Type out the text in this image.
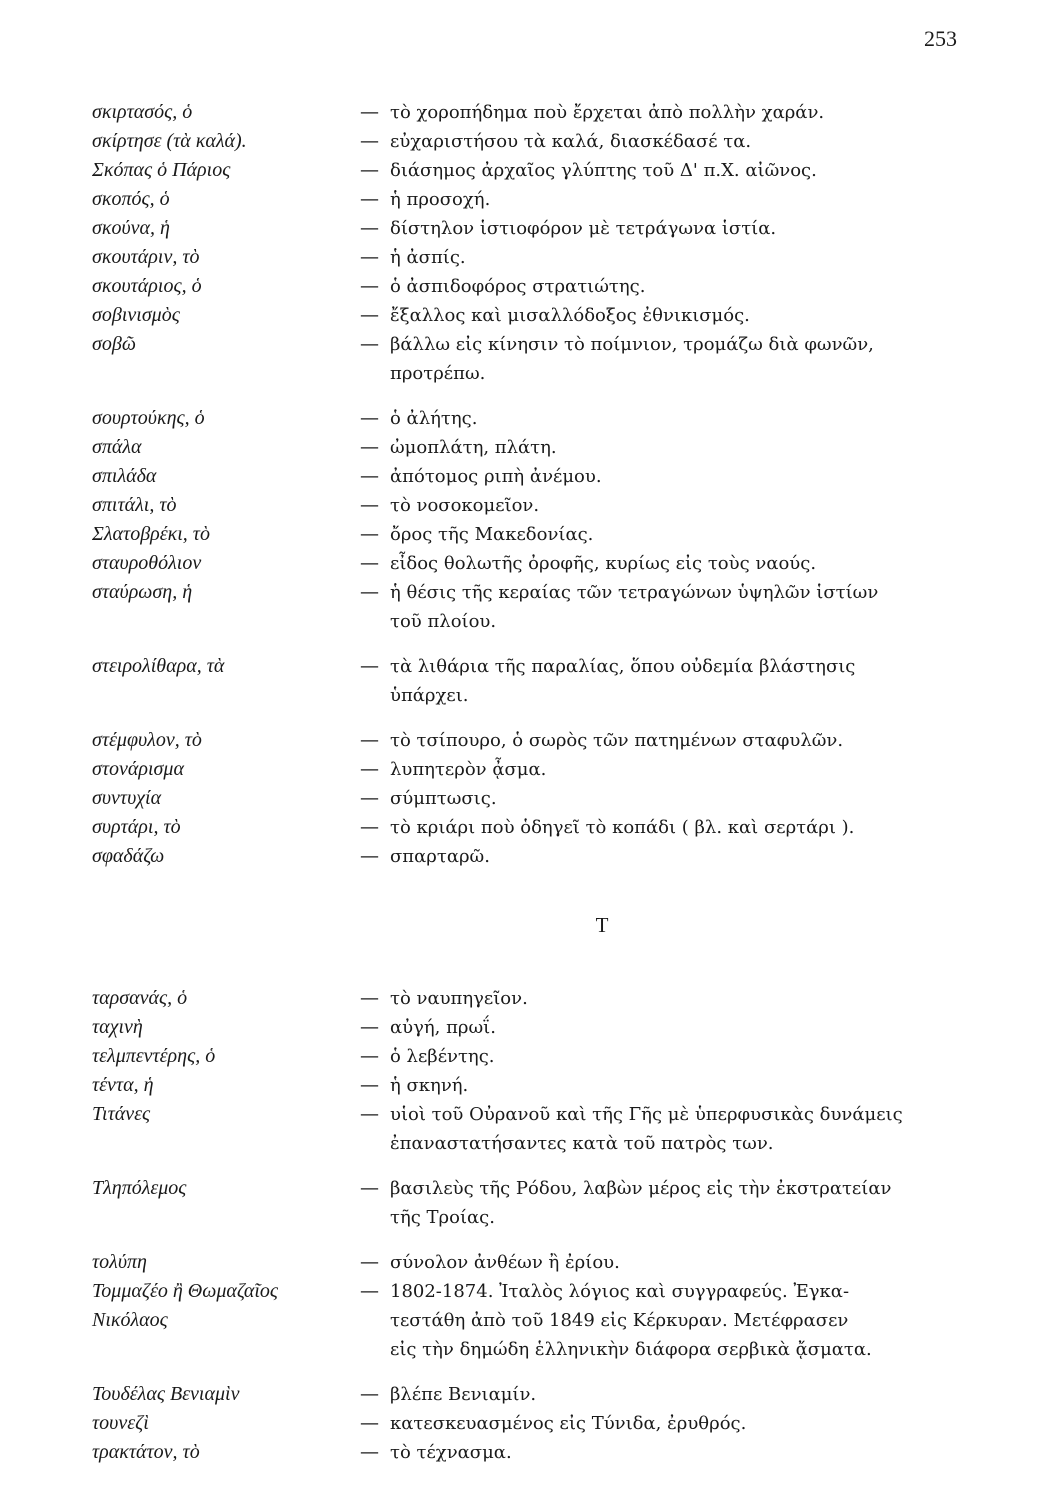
253
σκιρτασός, ὁ	— τὸ χοροπήδημα ποὺ ἔρχεται ἀπὸ πολλὴν χαράν.
σκίρτησε (τὰ καλά).	— εὐχαριστήσου τὰ καλά, διασκέδασέ τα.
Σκόπας ὁ Πάριος	— διάσημος ἀρχαῖος γλύπτης τοῦ Δ' π.Χ. αἰῶνος.
σκοπός, ὁ	— ἡ προσοχή.
σκούνα, ἡ	— δίστηλον ἱστιοφόρον μὲ τετράγωνα ἱστία.
σκουτάριν, τὸ	— ἡ ἀσπίς.
σκουτάριος, ὁ	— ὁ ἀσπιδοφόρος στρατιώτης.
σοβινισμὸς	— ἔξαλλος καὶ μισαλλόδοξος ἐθνικισμός.
σοβῶ	— βάλλω εἰς κίνησιν τὸ ποίμνιον, τρομάζω διὰ φωνῶν,
προτρέπω.
σουρτούκης, ὁ	— ὁ ἀλήτης.
σπάλα	— ὠμοπλάτη, πλάτη.
σπιλάδα	— ἀπότομος ριπὴ ἀνέμου.
σπιτάλι, τὸ	— τὸ νοσοκομεῖον.
Σλατοβρέκι, τὸ	— ὄρος τῆς Μακεδονίας.
σταυροθόλιον	— εἶδος θολωτῆς ὀροφῆς, κυρίως εἰς τοὺς ναούς.
σταύρωση, ἡ	— ἡ θέσις τῆς κεραίας τῶν τετραγώνων ὑψηλῶν ἱστίων
τοῦ πλοίου.
στειρολίθαρα, τὰ	— τὰ λιθάρια τῆς παραλίας, ὅπου οὐδεμία βλάστησις
ὑπάρχει.
στέμφυλον, τὸ	— τὸ τσίπουρο, ὁ σωρὸς τῶν πατημένων σταφυλῶν.
στονάρισμα	— λυπητερὸν ᾆσμα.
συντυχία	— σύμπτωσις.
συρτάρι, τὸ	— τὸ κριάρι ποὺ ὁδηγεῖ τὸ κοπάδι ( βλ. καὶ σερτάρι ).
σφαδάζω	— σπαρταρῶ.
Τ
ταρσανάς, ὁ	— τὸ ναυπηγεῖον.
ταχινὴ	— αὐγή, πρωΐ.
τελμπεντέρης, ὁ	— ὁ λεβέντης.
τέντα, ἡ	— ἡ σκηνή.
Τιτάνες	— υἱοὶ τοῦ Οὐρανοῦ καὶ τῆς Γῆς μὲ ὑπερφυσικὰς δυνάμεις
ἐπαναστατήσαντες κατὰ τοῦ πατρὸς των.
Τληπόλεμος	— βασιλεὺς τῆς Ρόδου, λαβὼν μέρος εἰς τὴν ἐκστρατείαν
τῆς Τροίας.
τολύπη	— σύνολον ἀνθέων ἢ ἐρίου.
Τομμαζέο ἢ Θωμαζαῖος
Νικόλαος
— 1802-1874. Ἰταλὸς λόγιος καὶ συγγραφεύς. Ἐγκα-
τεστάθη ἀπὸ τοῦ 1849 εἰς Κέρκυραν. Μετέφρασεν
εἰς τὴν δημώδη ἑλληνικὴν διάφορα σερβικὰ ᾄσματα.
Τουδέλας Βενιαμὶν	— βλέπε Βενιαμίν.
τουνεζὶ	— κατεσκευασμένος εἰς Τύνιδα, ἐρυθρός.
τρακτάτον, τὸ	— τὸ τέχνασμα.
